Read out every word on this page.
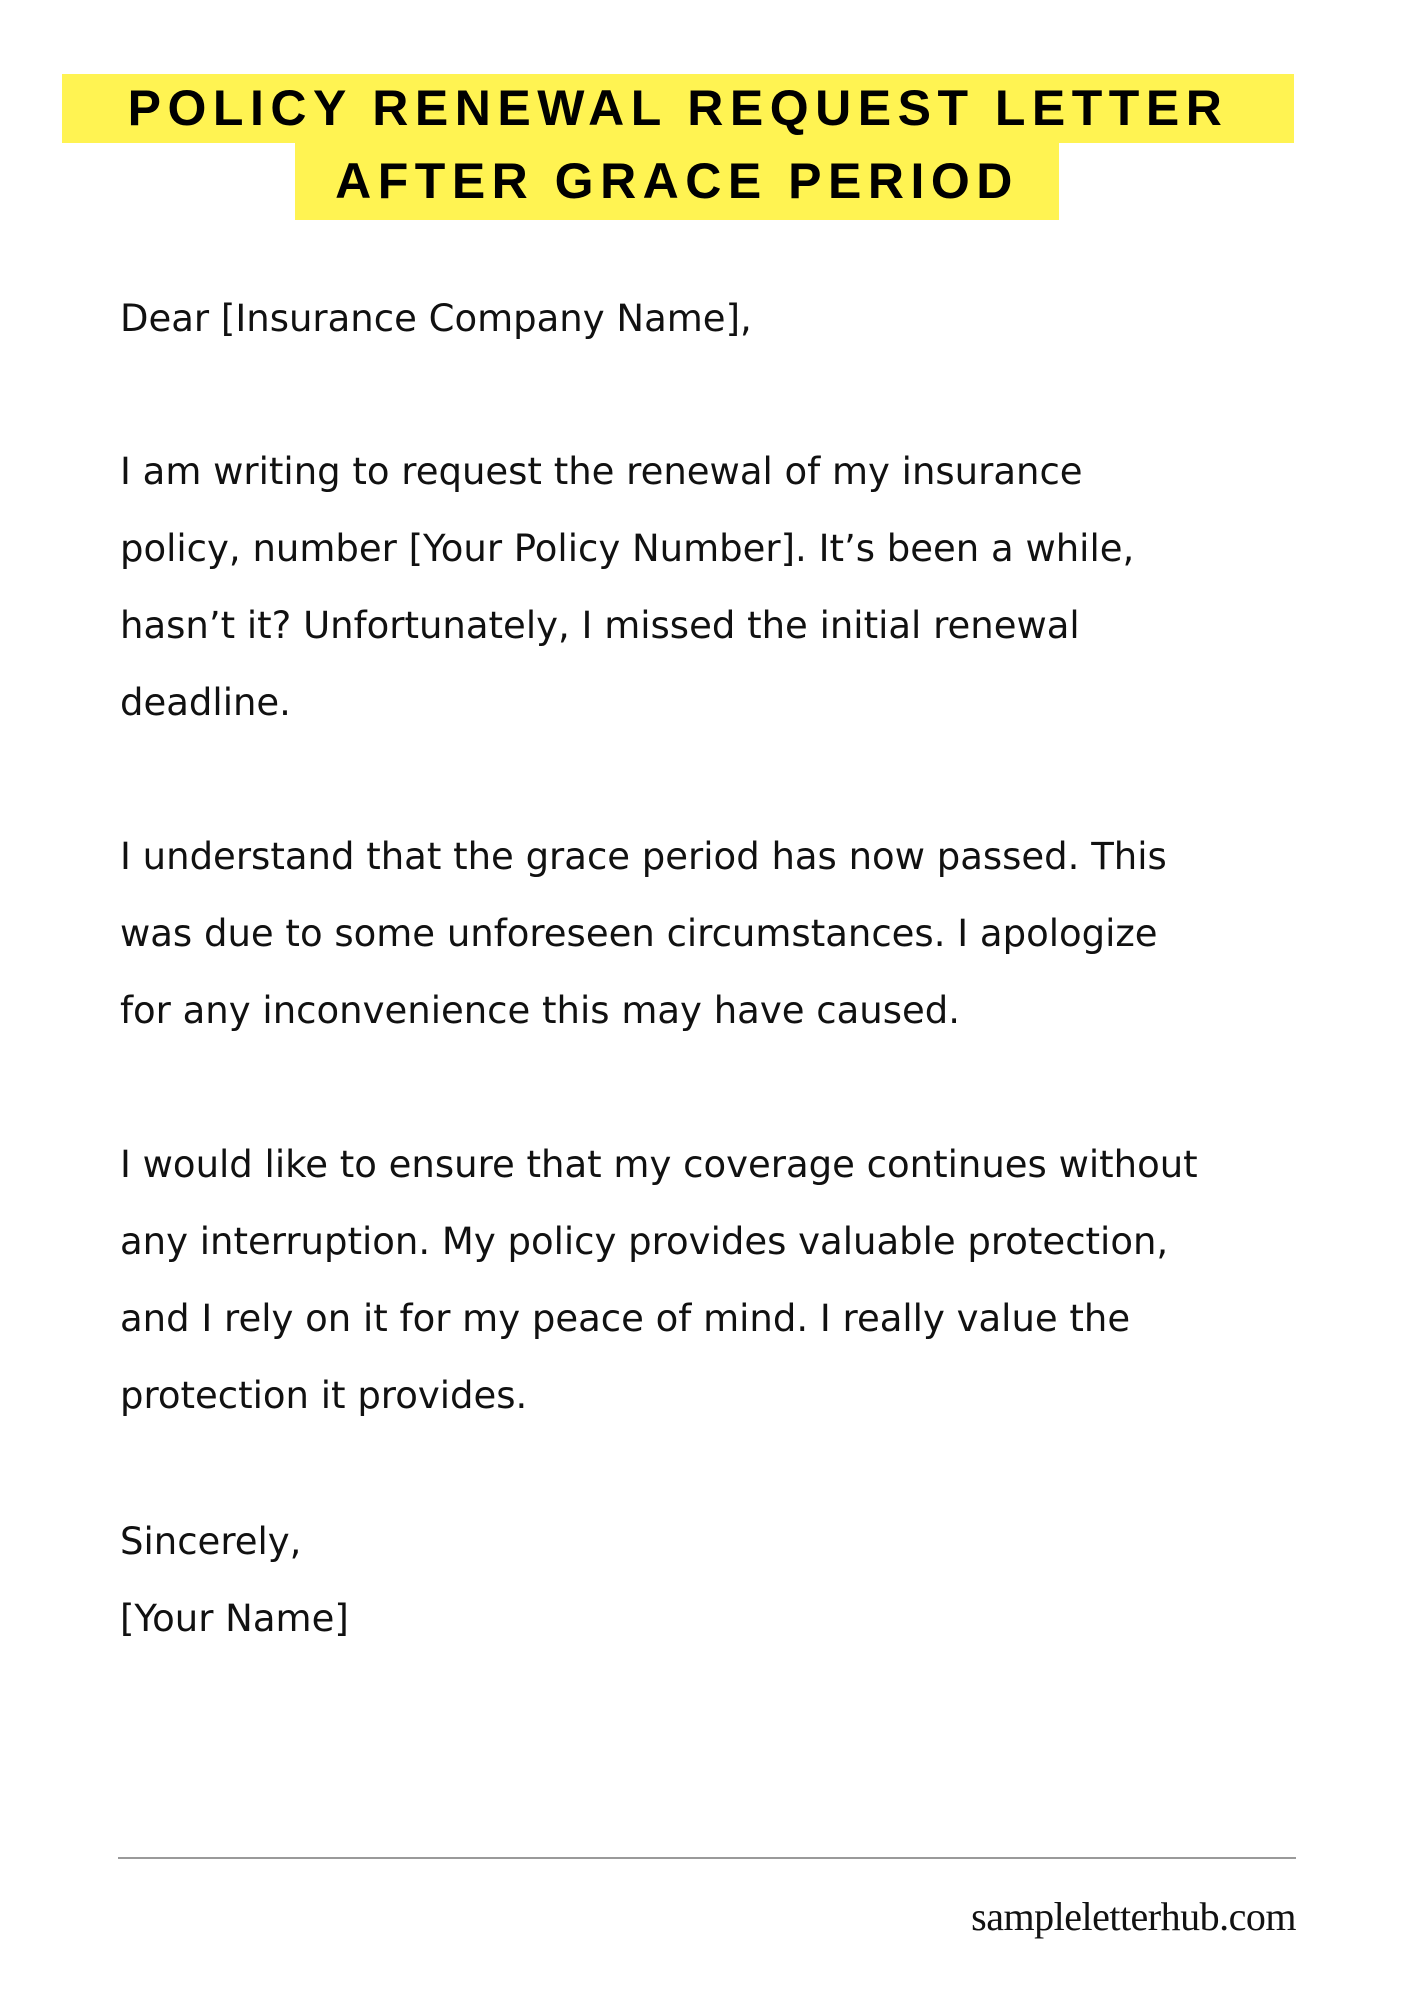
POLICY RENEWAL REQUEST LETTER
AFTER GRACE PERIOD
Dear [Insurance Company Name],
I am writing to request the renewal of my insurance
policy, number [Your Policy Number]. It’s been a while,
hasn’t it? Unfortunately, I missed the initial renewal
deadline.
I understand that the grace period has now passed. This
was due to some unforeseen circumstances. I apologize
for any inconvenience this may have caused.
I would like to ensure that my coverage continues without
any interruption. My policy provides valuable protection,
and I rely on it for my peace of mind. I really value the
protection it provides.
Sincerely,
[Your Name]
sampleletterhub.com
